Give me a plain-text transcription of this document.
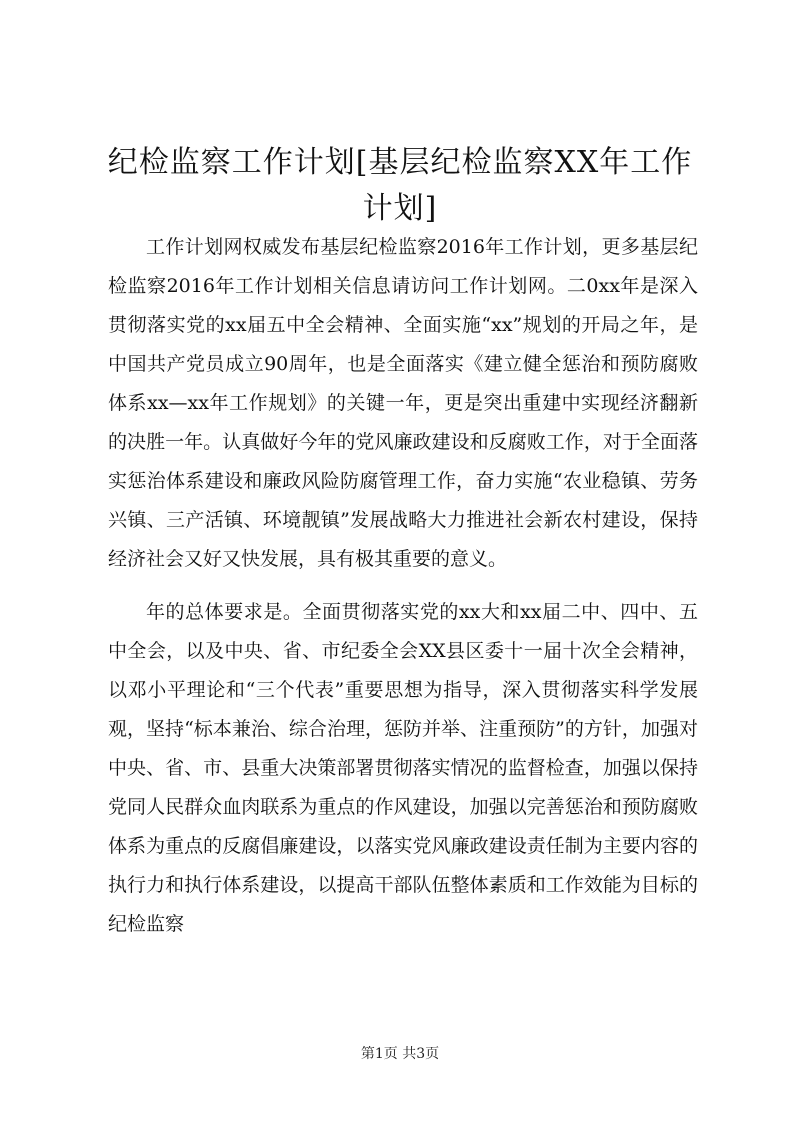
纪检监察工作计划[基层纪检监察XX年工作计划]

工作计划网权威发布基层纪检监察2016年工作计划，更多基层纪检监察2016年工作计划相关信息请访问工作计划网。二0xx年是深入贯彻落实党的xx届五中全会精神、全面实施“xx”规划的开局之年，是中国共产党员成立90周年，也是全面落实《建立健全惩治和预防腐败体系xx—xx年工作规划》的关键一年，更是突出重建中实现经济翻新的决胜一年。认真做好今年的党风廉政建设和反腐败工作，对于全面落实惩治体系建设和廉政风险防腐管理工作，奋力实施“农业稳镇、劳务兴镇、三产活镇、环境靓镇”发展战略大力推进社会新农村建设，保持经济社会又好又快发展，具有极其重要的意义。

年的总体要求是。全面贯彻落实党的xx大和xx届二中、四中、五中全会，以及中央、省、市纪委全会XX县区委十一届十次全会精神，以邓小平理论和“三个代表”重要思想为指导，深入贯彻落实科学发展观，坚持“标本兼治、综合治理，惩防并举、注重预防”的方针，加强对中央、省、市、县重大决策部署贯彻落实情况的监督检查，加强以保持党同人民群众血肉联系为重点的作风建设，加强以完善惩治和预防腐败体系为重点的反腐倡廉建设，以落实党风廉政建设责任制为主要内容的执行力和执行体系建设，以提高干部队伍整体素质和工作效能为目标的纪检监察

第1页 共3页
